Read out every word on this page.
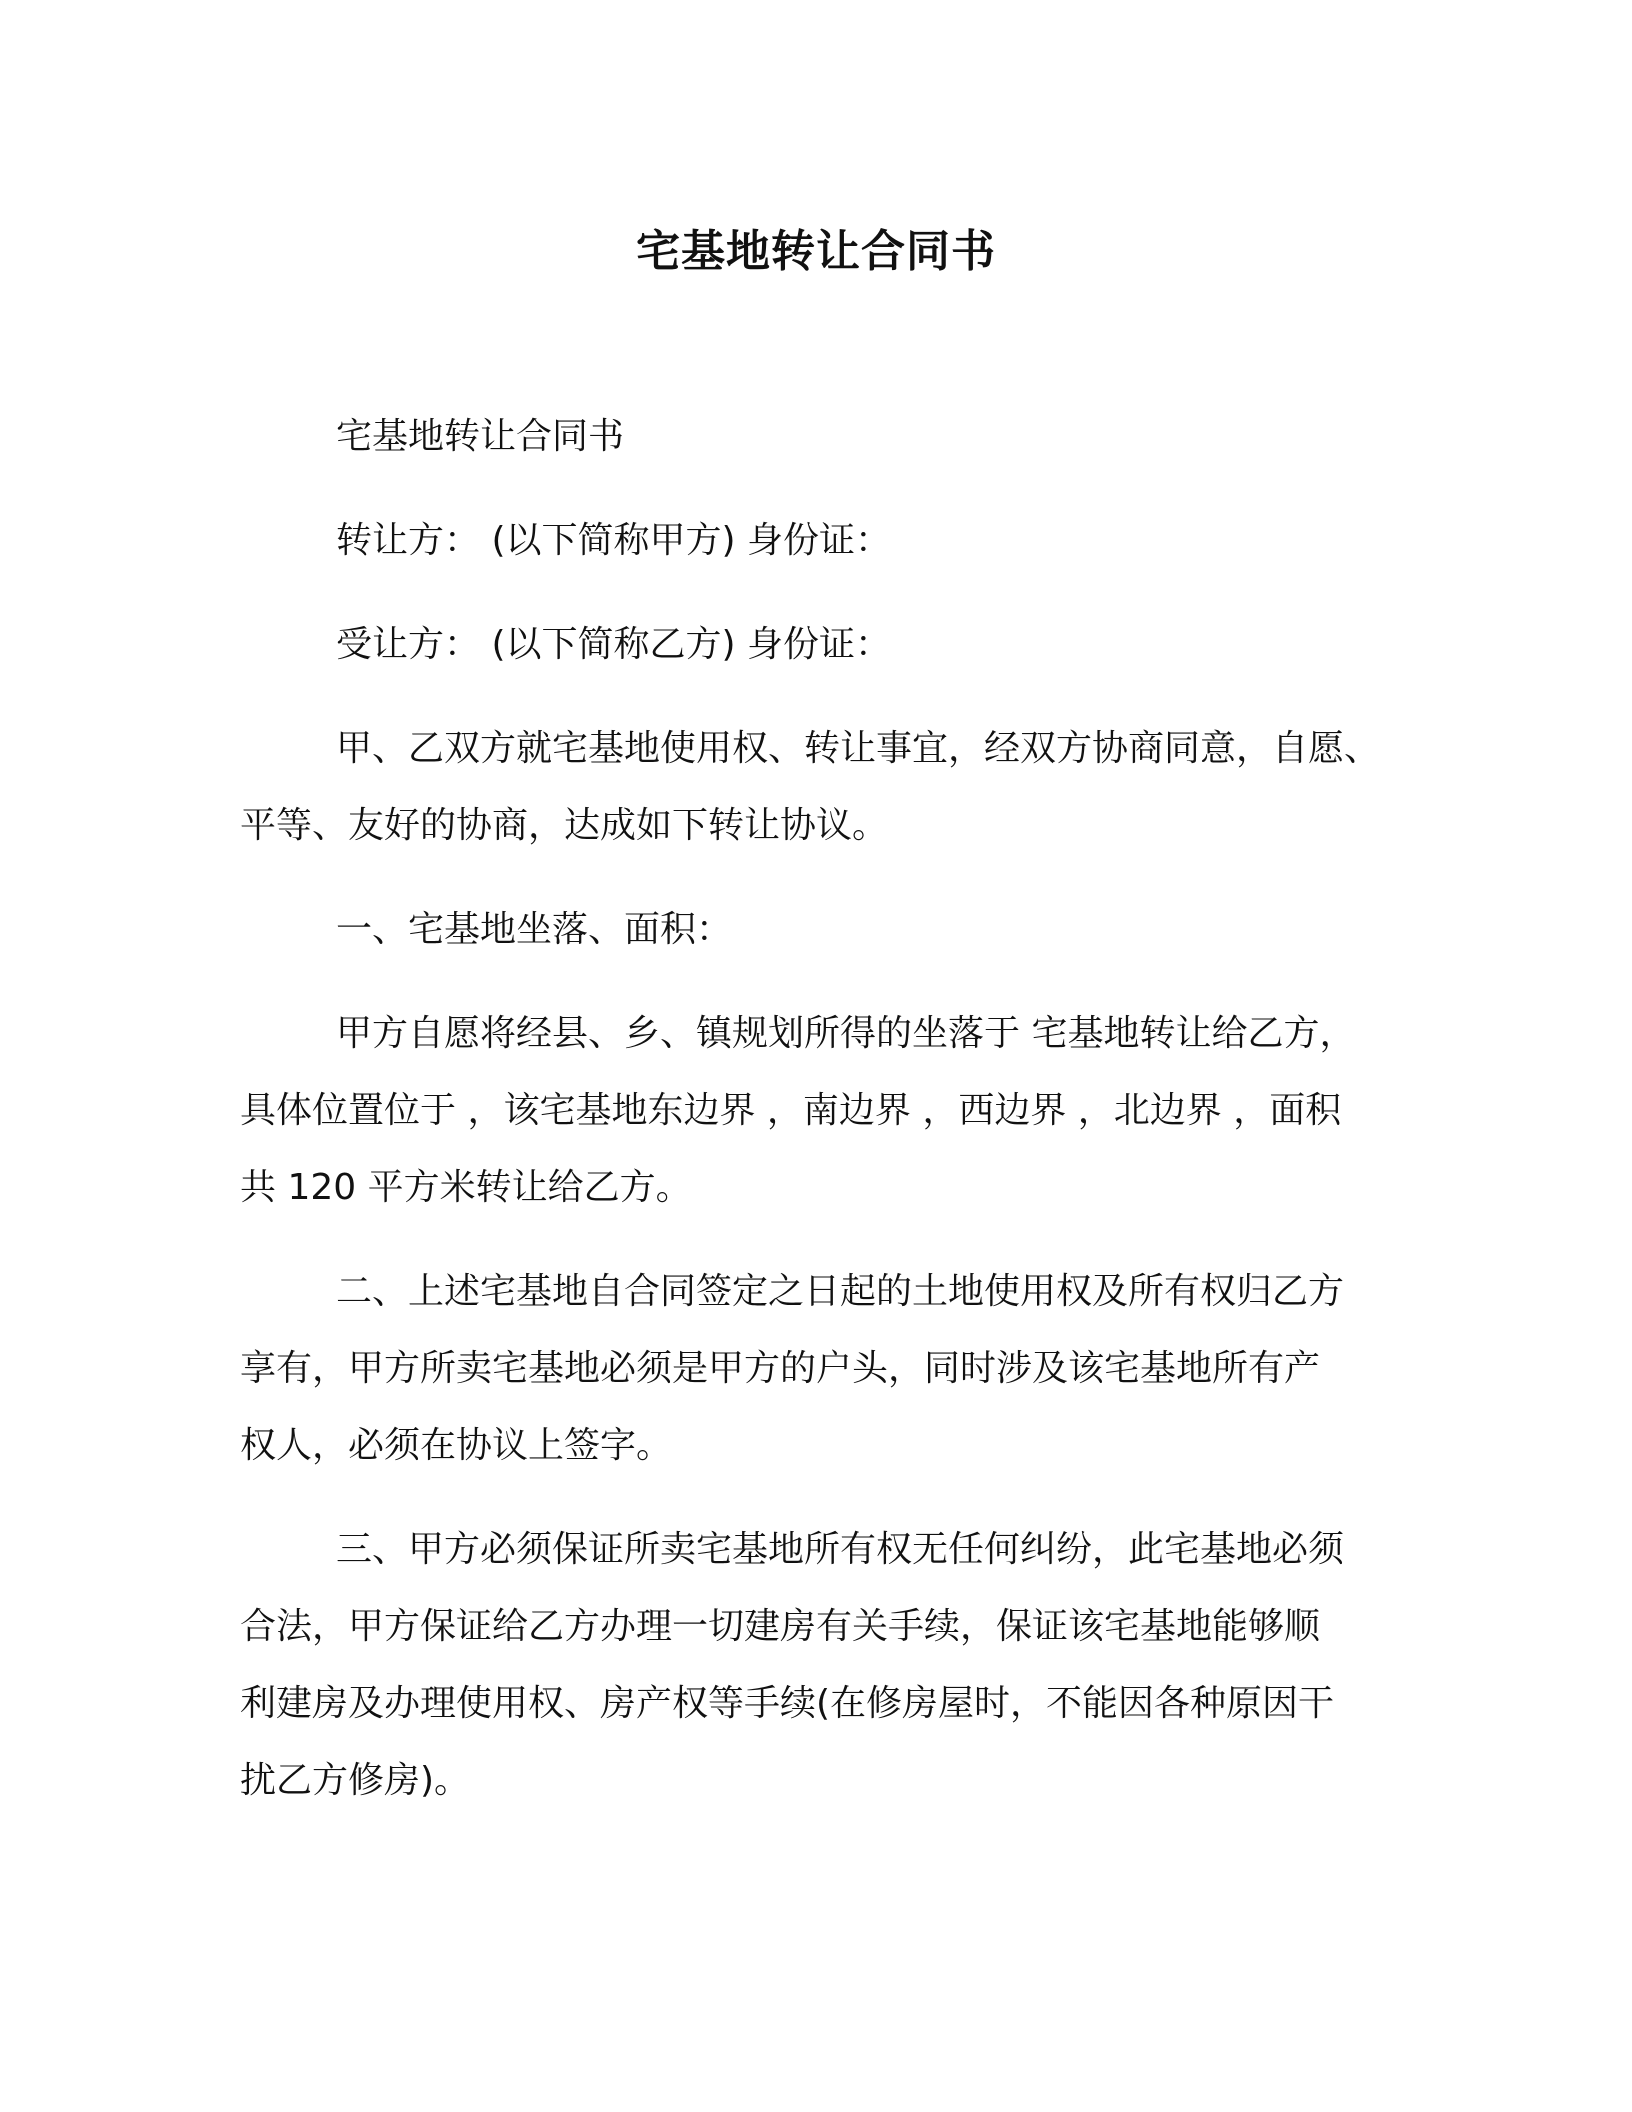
宅基地转让合同书

宅基地转让合同书

转让方： (以下简称甲方) 身份证：

受让方： (以下简称乙方) 身份证：

甲、乙双方就宅基地使用权、转让事宜，经双方协商同意，自愿、
平等、友好的协商，达成如下转让协议。

一、宅基地坐落、面积：

甲方自愿将经县、乡、镇规划所得的坐落于 宅基地转让给乙方，
具体位置位于 ，该宅基地东边界 ，南边界 ，西边界 ，北边界 ，面积
共 120 平方米转让给乙方。

二、上述宅基地自合同签定之日起的土地使用权及所有权归乙方
享有，甲方所卖宅基地必须是甲方的户头，同时涉及该宅基地所有产
权人，必须在协议上签字。

三、甲方必须保证所卖宅基地所有权无任何纠纷，此宅基地必须
合法，甲方保证给乙方办理一切建房有关手续，保证该宅基地能够顺
利建房及办理使用权、房产权等手续(在修房屋时，不能因各种原因干
扰乙方修房)。
